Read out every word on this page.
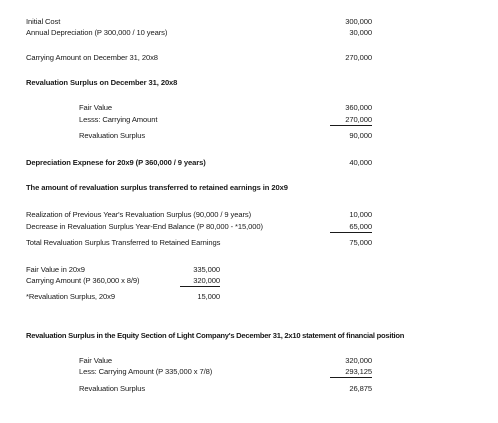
Initial Cost	300,000
Annual Depreciation (P 300,000 / 10 years)	30,000
Carrying Amount on December 31, 20x8	270,000
Revaluation Surplus on December 31, 20x8
Fair Value	360,000
Lesss: Carrying Amount	270,000
Revaluation Surplus	90,000
Depreciation Expnese for 20x9 (P 360,000 / 9 years)	40,000
The amount of revaluation surplus transferred to retained earnings in 20x9
Realization of Previous Year's Revaluation Surplus (90,000 / 9 years)	10,000
Decrease in Revaluation Surplus Year-End Balance (P 80,000 - *15,000)	65,000
Total Revaluation Surplus Transferred to Retained Earnings	75,000
Fair Value in 20x9	335,000
Carrying Amount (P 360,000 x 8/9)	320,000
*Revaluation Surplus, 20x9	15,000
Revaluation Surplus in the Equity Section of Light Company's December 31, 2x10 statement of financial position
Fair Value	320,000
Less: Carrying Amount (P 335,000 x 7/8)	293,125
Revaluation Surplus	26,875
